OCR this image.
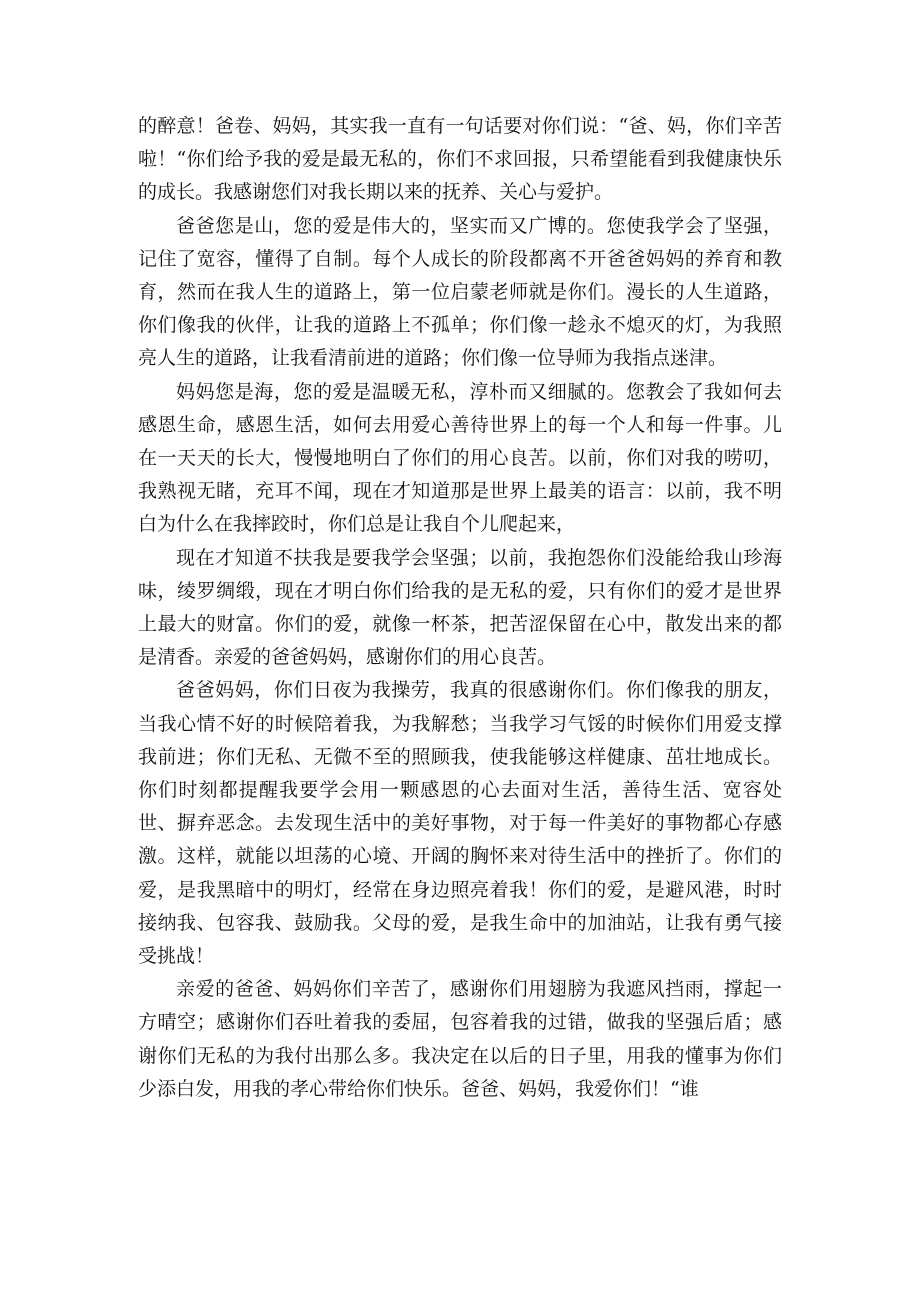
的醉意！爸卷、妈妈，其实我一直有一句话要对你们说：“爸、妈，你们辛苦啦！“你们给予我的爱是最无私的，你们不求回报，只希望能看到我健康快乐的成长。我感谢您们对我长期以来的抚养、关心与爱护。

爸爸您是山，您的爱是伟大的，坚实而又广博的。您使我学会了坚强，记住了宽容，懂得了自制。每个人成长的阶段都离不开爸爸妈妈的养育和教育，然而在我人生的道路上，第一位启蒙老师就是你们。漫长的人生道路，你们像我的伙伴，让我的道路上不孤单；你们像一趁永不熄灭的灯，为我照亮人生的道路，让我看清前进的道路；你们像一位导师为我指点迷津。

妈妈您是海，您的爱是温暖无私，淳朴而又细腻的。您教会了我如何去感恩生命，感恩生活，如何去用爱心善待世界上的每一个人和每一件事。儿在一天天的长大，慢慢地明白了你们的用心良苦。以前，你们对我的唠叨，我熟视无睹，充耳不闻，现在才知道那是世界上最美的语言：以前，我不明白为什么在我摔跤时，你们总是让我自个儿爬起来，

现在才知道不扶我是要我学会坚强；以前，我抱怨你们没能给我山珍海味，绫罗绸缎，现在才明白你们给我的是无私的爱，只有你们的爱才是世界上最大的财富。你们的爱，就像一杯茶，把苦涩保留在心中，散发出来的都是清香。亲爱的爸爸妈妈，感谢你们的用心良苦。

爸爸妈妈，你们日夜为我操劳，我真的很感谢你们。你们像我的朋友，当我心情不好的时候陪着我，为我解愁；当我学习气馁的时候你们用爱支撑我前进；你们无私、无微不至的照顾我，使我能够这样健康、茁壮地成长。你们时刻都提醒我要学会用一颗感恩的心去面对生活，善待生活、宽容处世、摒弃恶念。去发现生活中的美好事物，对于每一件美好的事物都心存感激。这样，就能以坦荡的心境、开阔的胸怀来对待生活中的挫折了。你们的爱，是我黑暗中的明灯，经常在身边照亮着我！你们的爱，是避风港，时时接纳我、包容我、鼓励我。父母的爱，是我生命中的加油站，让我有勇气接受挑战！

亲爱的爸爸、妈妈你们辛苦了，感谢你们用翅膀为我遮风挡雨，撑起一方晴空；感谢你们吞吐着我的委屈，包容着我的过错，做我的坚强后盾；感谢你们无私的为我付出那么多。我决定在以后的日子里，用我的懂事为你们少添白发，用我的孝心带给你们快乐。爸爸、妈妈，我爱你们！“谁
